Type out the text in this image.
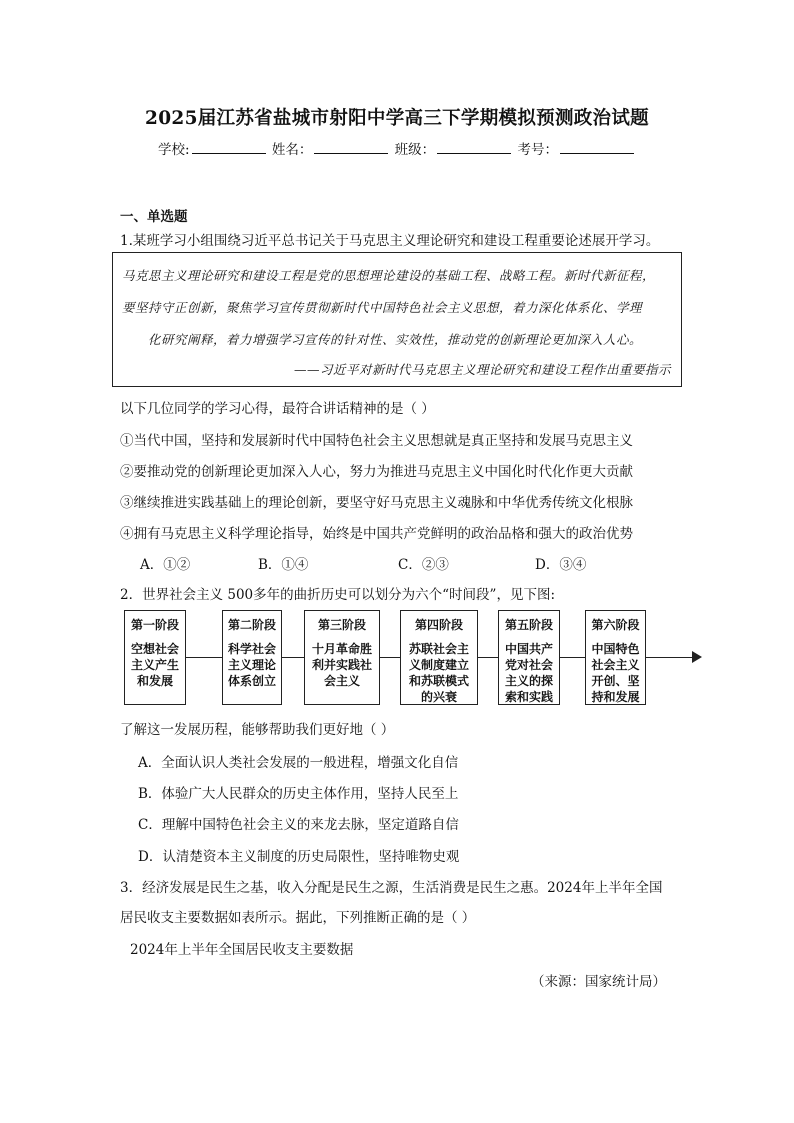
2025届江苏省盐城市射阳中学高三下学期模拟预测政治试题
学校:	姓名：	班级：	考号：
一、单选题
1.某班学习小组围绕习近平总书记关于马克思主义理论研究和建设工程重要论述展开学习。
马克思主义理论研究和建设工程是党的思想理论建设的基础工程、战略工程。新时代新征程，
要坚持守正创新，聚焦学习宣传贯彻新时代中国特色社会主义思想，着力深化体系化、学理
化研究阐释，着力增强学习宣传的针对性、实效性，推动党的创新理论更加深入人心。
——习近平对新时代马克思主义理论研究和建设工程作出重要指示
以下几位同学的学习心得，最符合讲话精神的是（ ）
①当代中国，坚持和发展新时代中国特色社会主义思想就是真正坚持和发展马克思主义
②要推动党的创新理论更加深入人心，努力为推进马克思主义中国化时代化作更大贡献
③继续推进实践基础上的理论创新，要坚守好马克思主义魂脉和中华优秀传统文化根脉
④拥有马克思主义科学理论指导，始终是中国共产党鲜明的政治品格和强大的政治优势
A．①②	B．①④	C．②③	D．③④
2．世界社会主义 500多年的曲折历史可以划分为六个“时间段”，见下图:
第一阶段
空想社会
主义产生
和发展
第二阶段
科学社会
主义理论
体系创立
第三阶段
十月革命胜
利并实践社
会主义
第四阶段
苏联社会主
义制度建立
和苏联模式
的兴衰
第五阶段
中国共产
党对社会
主义的探
索和实践
第六阶段
中国特色
社会主义
开创、坚
持和发展
了解这一发展历程，能够帮助我们更好地（ ）
A．全面认识人类社会发展的一般进程，增强文化自信
B．体验广大人民群众的历史主体作用，坚持人民至上
C．理解中国特色社会主义的来龙去脉，坚定道路自信
D．认清楚资本主义制度的历史局限性，坚持唯物史观
3．经济发展是民生之基，收入分配是民生之源，生活消费是民生之惠。2024年上半年全国
居民收支主要数据如表所示。据此，下列推断正确的是（ ）
2024年上半年全国居民收支主要数据
（来源：国家统计局）
